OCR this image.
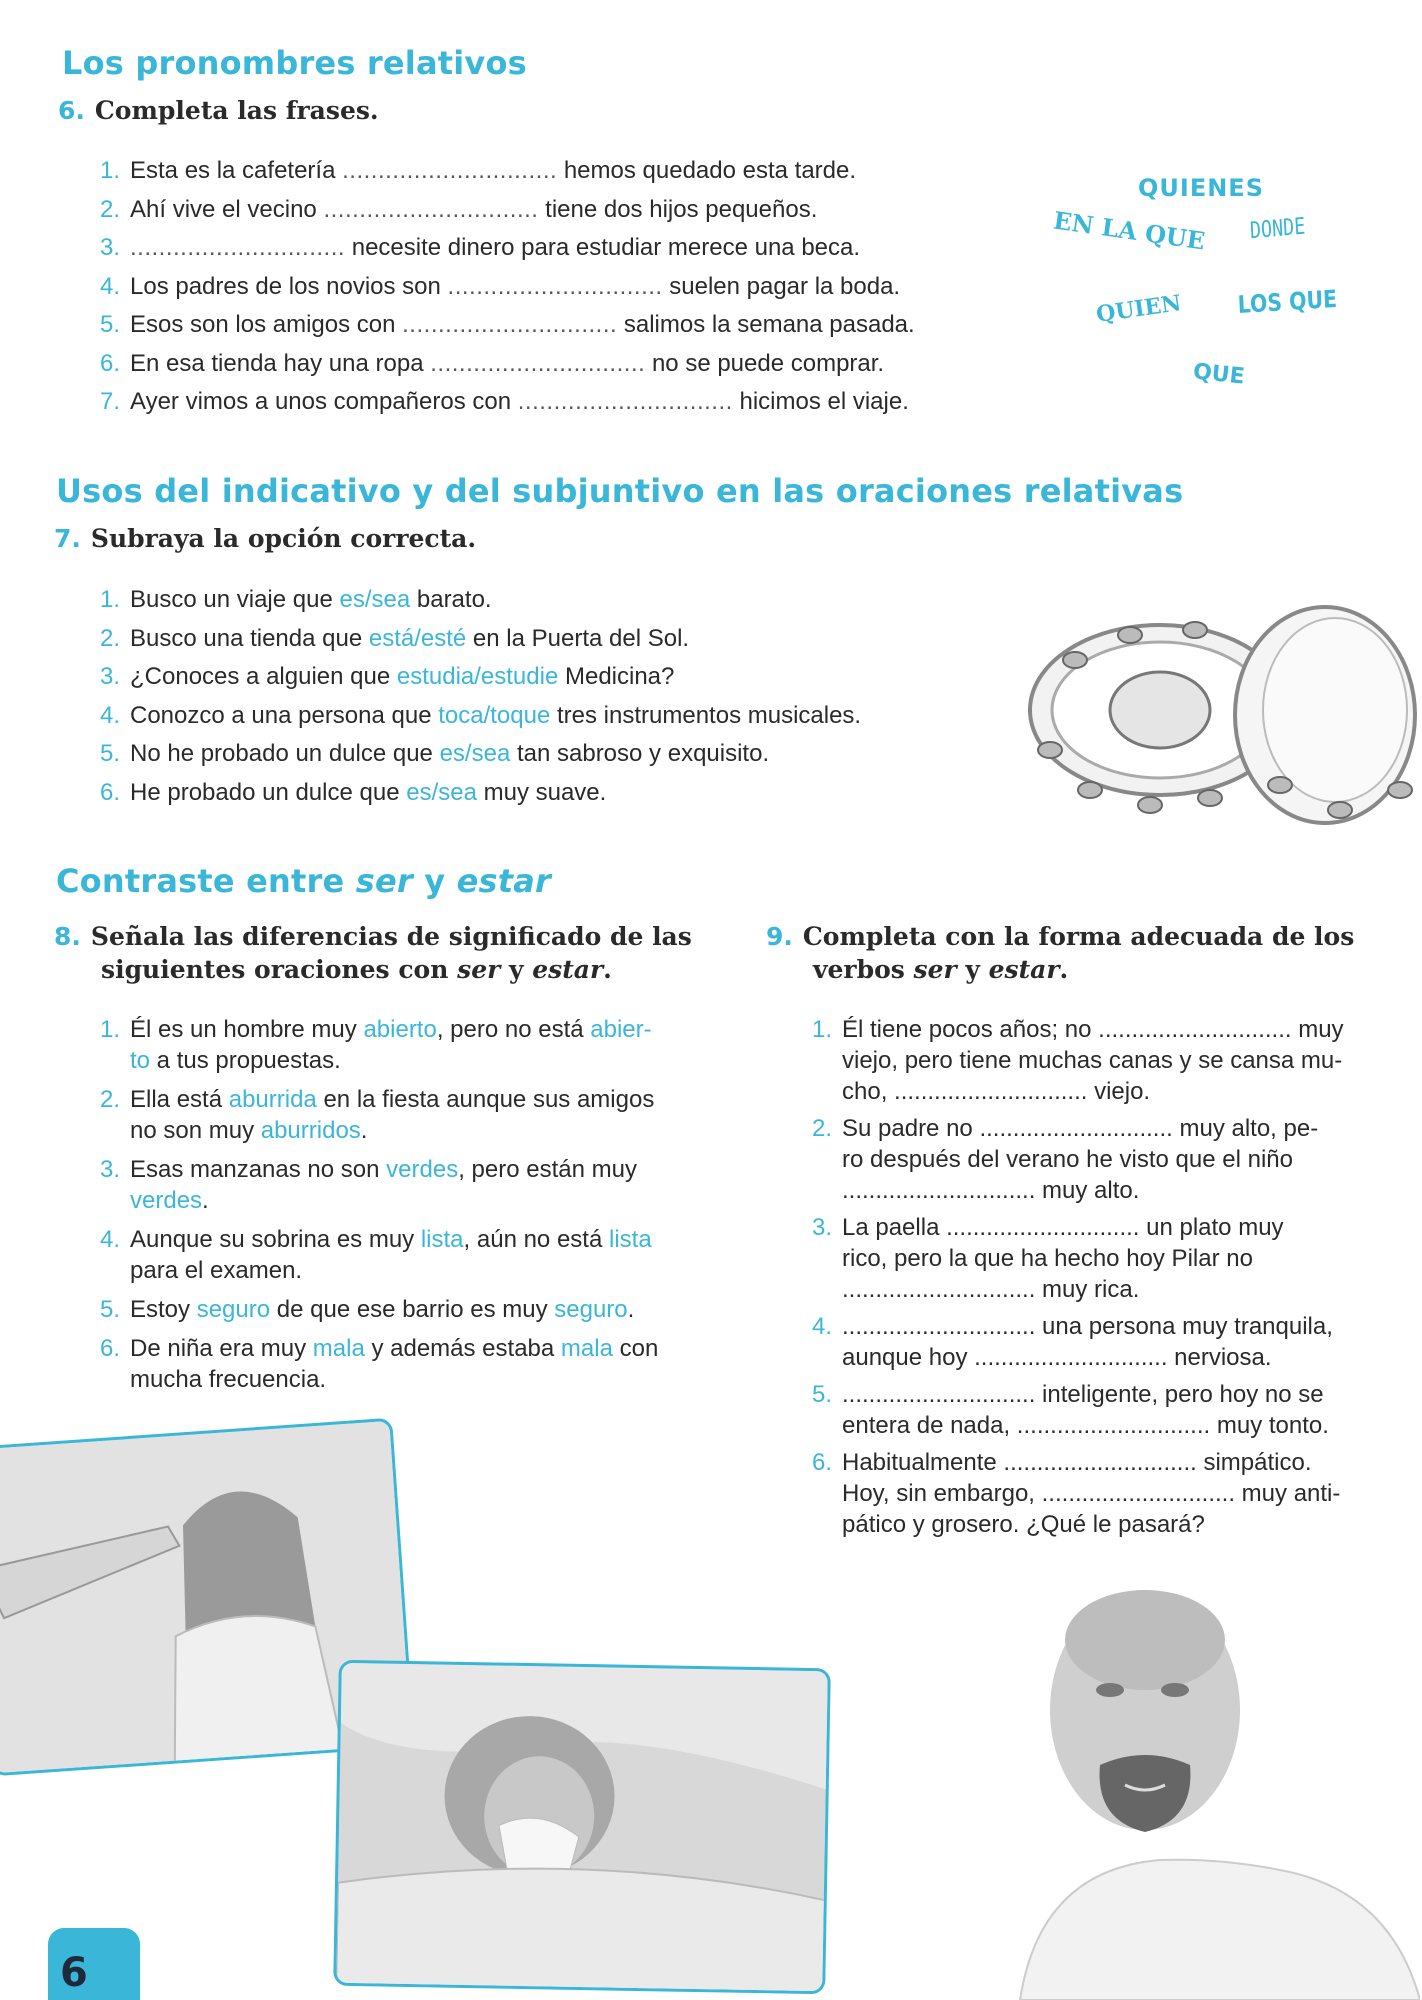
Los pronombres relativos
6. Completa las frases.
1. Esta es la cafetería .............................. hemos quedado esta tarde.
2. Ahí vive el vecino .............................. tiene dos hijos pequeños.
3. .............................. necesite dinero para estudiar merece una beca.
4. Los padres de los novios son .............................. suelen pagar la boda.
5. Esos son los amigos con .............................. salimos la semana pasada.
6. En esa tienda hay una ropa .............................. no se puede comprar.
7. Ayer vimos a unos compañeros con .............................. hicimos el viaje.
QUIENES
EN LA QUE DONDE
QUIEN LOS QUE
QUE
Usos del indicativo y del subjuntivo en las oraciones relativas
7. Subraya la opción correcta.
1. Busco un viaje que es/sea barato.
2. Busco una tienda que está/esté en la Puerta del Sol.
3. ¿Conoces a alguien que estudia/estudie Medicina?
4. Conozco a una persona que toca/toque tres instrumentos musicales.
5. No he probado un dulce que es/sea tan sabroso y exquisito.
6. He probado un dulce que es/sea muy suave.
Contraste entre ser y estar
8. Señala las diferencias de significado de las
siguientes oraciones con ser y estar.
1. Él es un hombre muy abierto, pero no está abier-
to a tus propuestas.
2. Ella está aburrida en la fiesta aunque sus amigos
no son muy aburridos.
3. Esas manzanas no son verdes, pero están muy
verdes.
4. Aunque su sobrina es muy lista, aún no está lista
para el examen.
5. Estoy seguro de que ese barrio es muy seguro.
6. De niña era muy mala y además estaba mala con
mucha frecuencia.
9. Completa con la forma adecuada de los
verbos ser y estar.
1. Él tiene pocos años; no ............................. muy
viejo, pero tiene muchas canas y se cansa mu-
cho, ............................. viejo.
2. Su padre no ............................. muy alto, pe-
ro después del verano he visto que el niño
............................. muy alto.
3. La paella ............................. un plato muy
rico, pero la que ha hecho hoy Pilar no
............................. muy rica.
4. ............................. una persona muy tranquila,
aunque hoy ............................. nerviosa.
5. ............................. inteligente, pero hoy no se
entera de nada, ............................. muy tonto.
6. Habitualmente ............................. simpático.
Hoy, sin embargo, ............................. muy anti-
pático y grosero. ¿Qué le pasará?
6
